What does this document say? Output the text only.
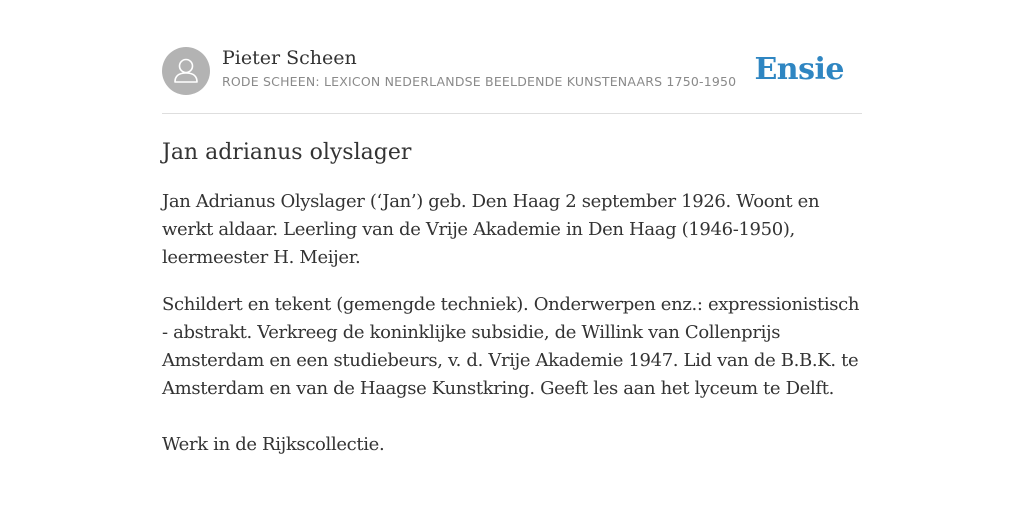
Pieter Scheen
RODE SCHEEN: LEXICON NEDERLANDSE BEELDENDE KUNSTENAARS 1750-1950 Ensie
Jan adrianus olyslager

Jan Adrianus Olyslager (‘Jan’) geb. Den Haag 2 september 1926. Woont en werkt aldaar. Leerling van de Vrije Akademie in Den Haag (1946-1950), leermeester H. Meijer.

Schildert en tekent (gemengde techniek). Onderwerpen enz.: expressionistisch - abstrakt. Verkreeg de koninklijke subsidie, de Willink van Collenprijs Amsterdam en een studiebeurs, v. d. Vrije Akademie 1947. Lid van de B.B.K. te Amsterdam en van de Haagse Kunstkring. Geeft les aan het lyceum te Delft.

Werk in de Rijkscollectie.
